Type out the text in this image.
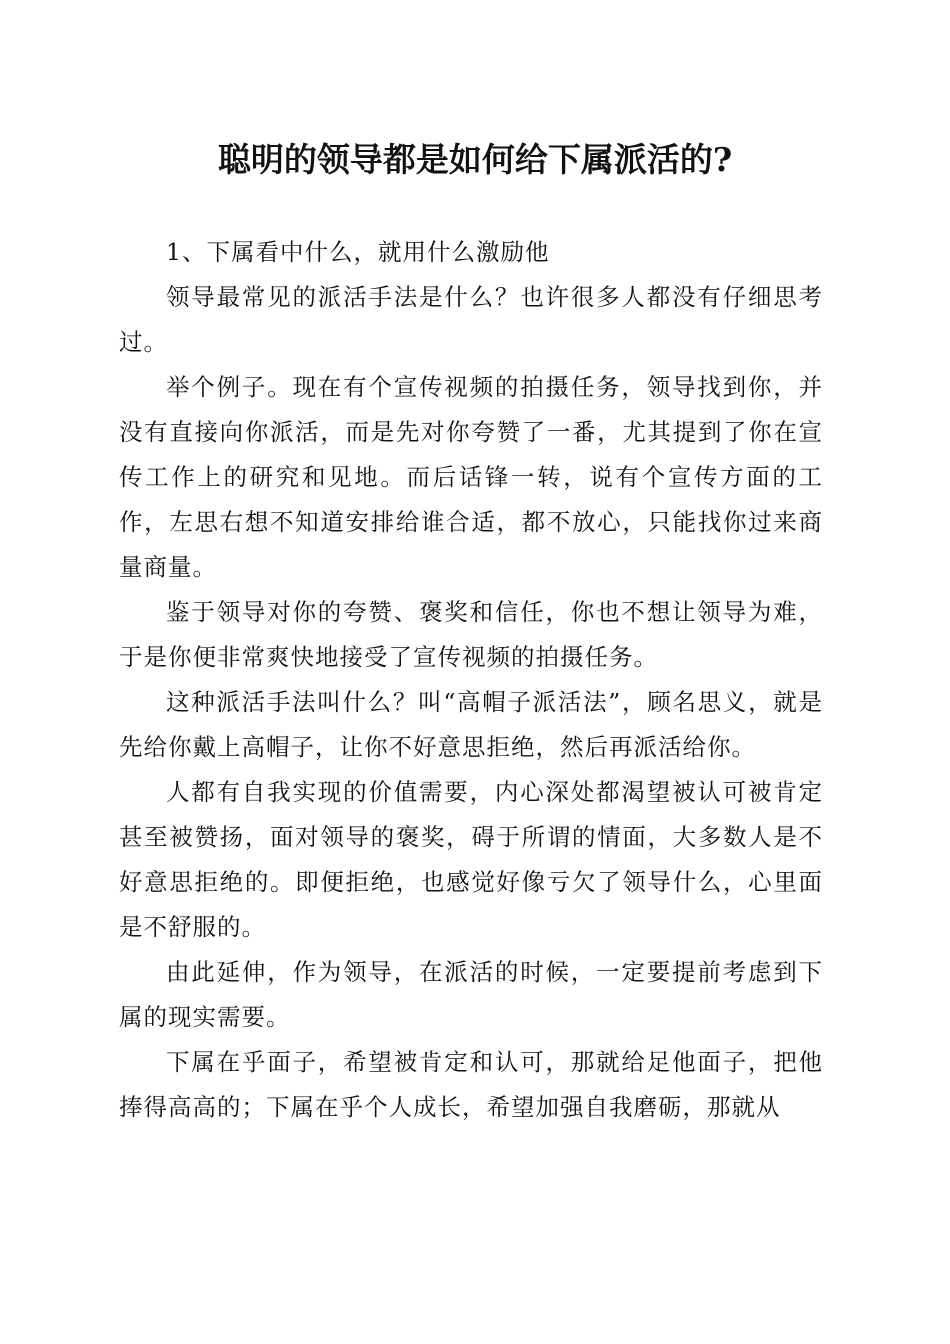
聪明的领导都是如何给下属派活的?

1、下属看中什么，就用什么激励他

领导最常见的派活手法是什么？也许很多人都没有仔细思考过。

举个例子。现在有个宣传视频的拍摄任务，领导找到你，并没有直接向你派活，而是先对你夸赞了一番，尤其提到了你在宣传工作上的研究和见地。而后话锋一转，说有个宣传方面的工作，左思右想不知道安排给谁合适，都不放心，只能找你过来商量商量。

鉴于领导对你的夸赞、褒奖和信任，你也不想让领导为难，于是你便非常爽快地接受了宣传视频的拍摄任务。

这种派活手法叫什么？叫“高帽子派活法”，顾名思义，就是先给你戴上高帽子，让你不好意思拒绝，然后再派活给你。

人都有自我实现的价值需要，内心深处都渴望被认可被肯定甚至被赞扬，面对领导的褒奖，碍于所谓的情面，大多数人是不好意思拒绝的。即便拒绝，也感觉好像亏欠了领导什么，心里面是不舒服的。

由此延伸，作为领导，在派活的时候，一定要提前考虑到下属的现实需要。

下属在乎面子，希望被肯定和认可，那就给足他面子，把他捧得高高的；下属在乎个人成长，希望加强自我磨砺，那就从
